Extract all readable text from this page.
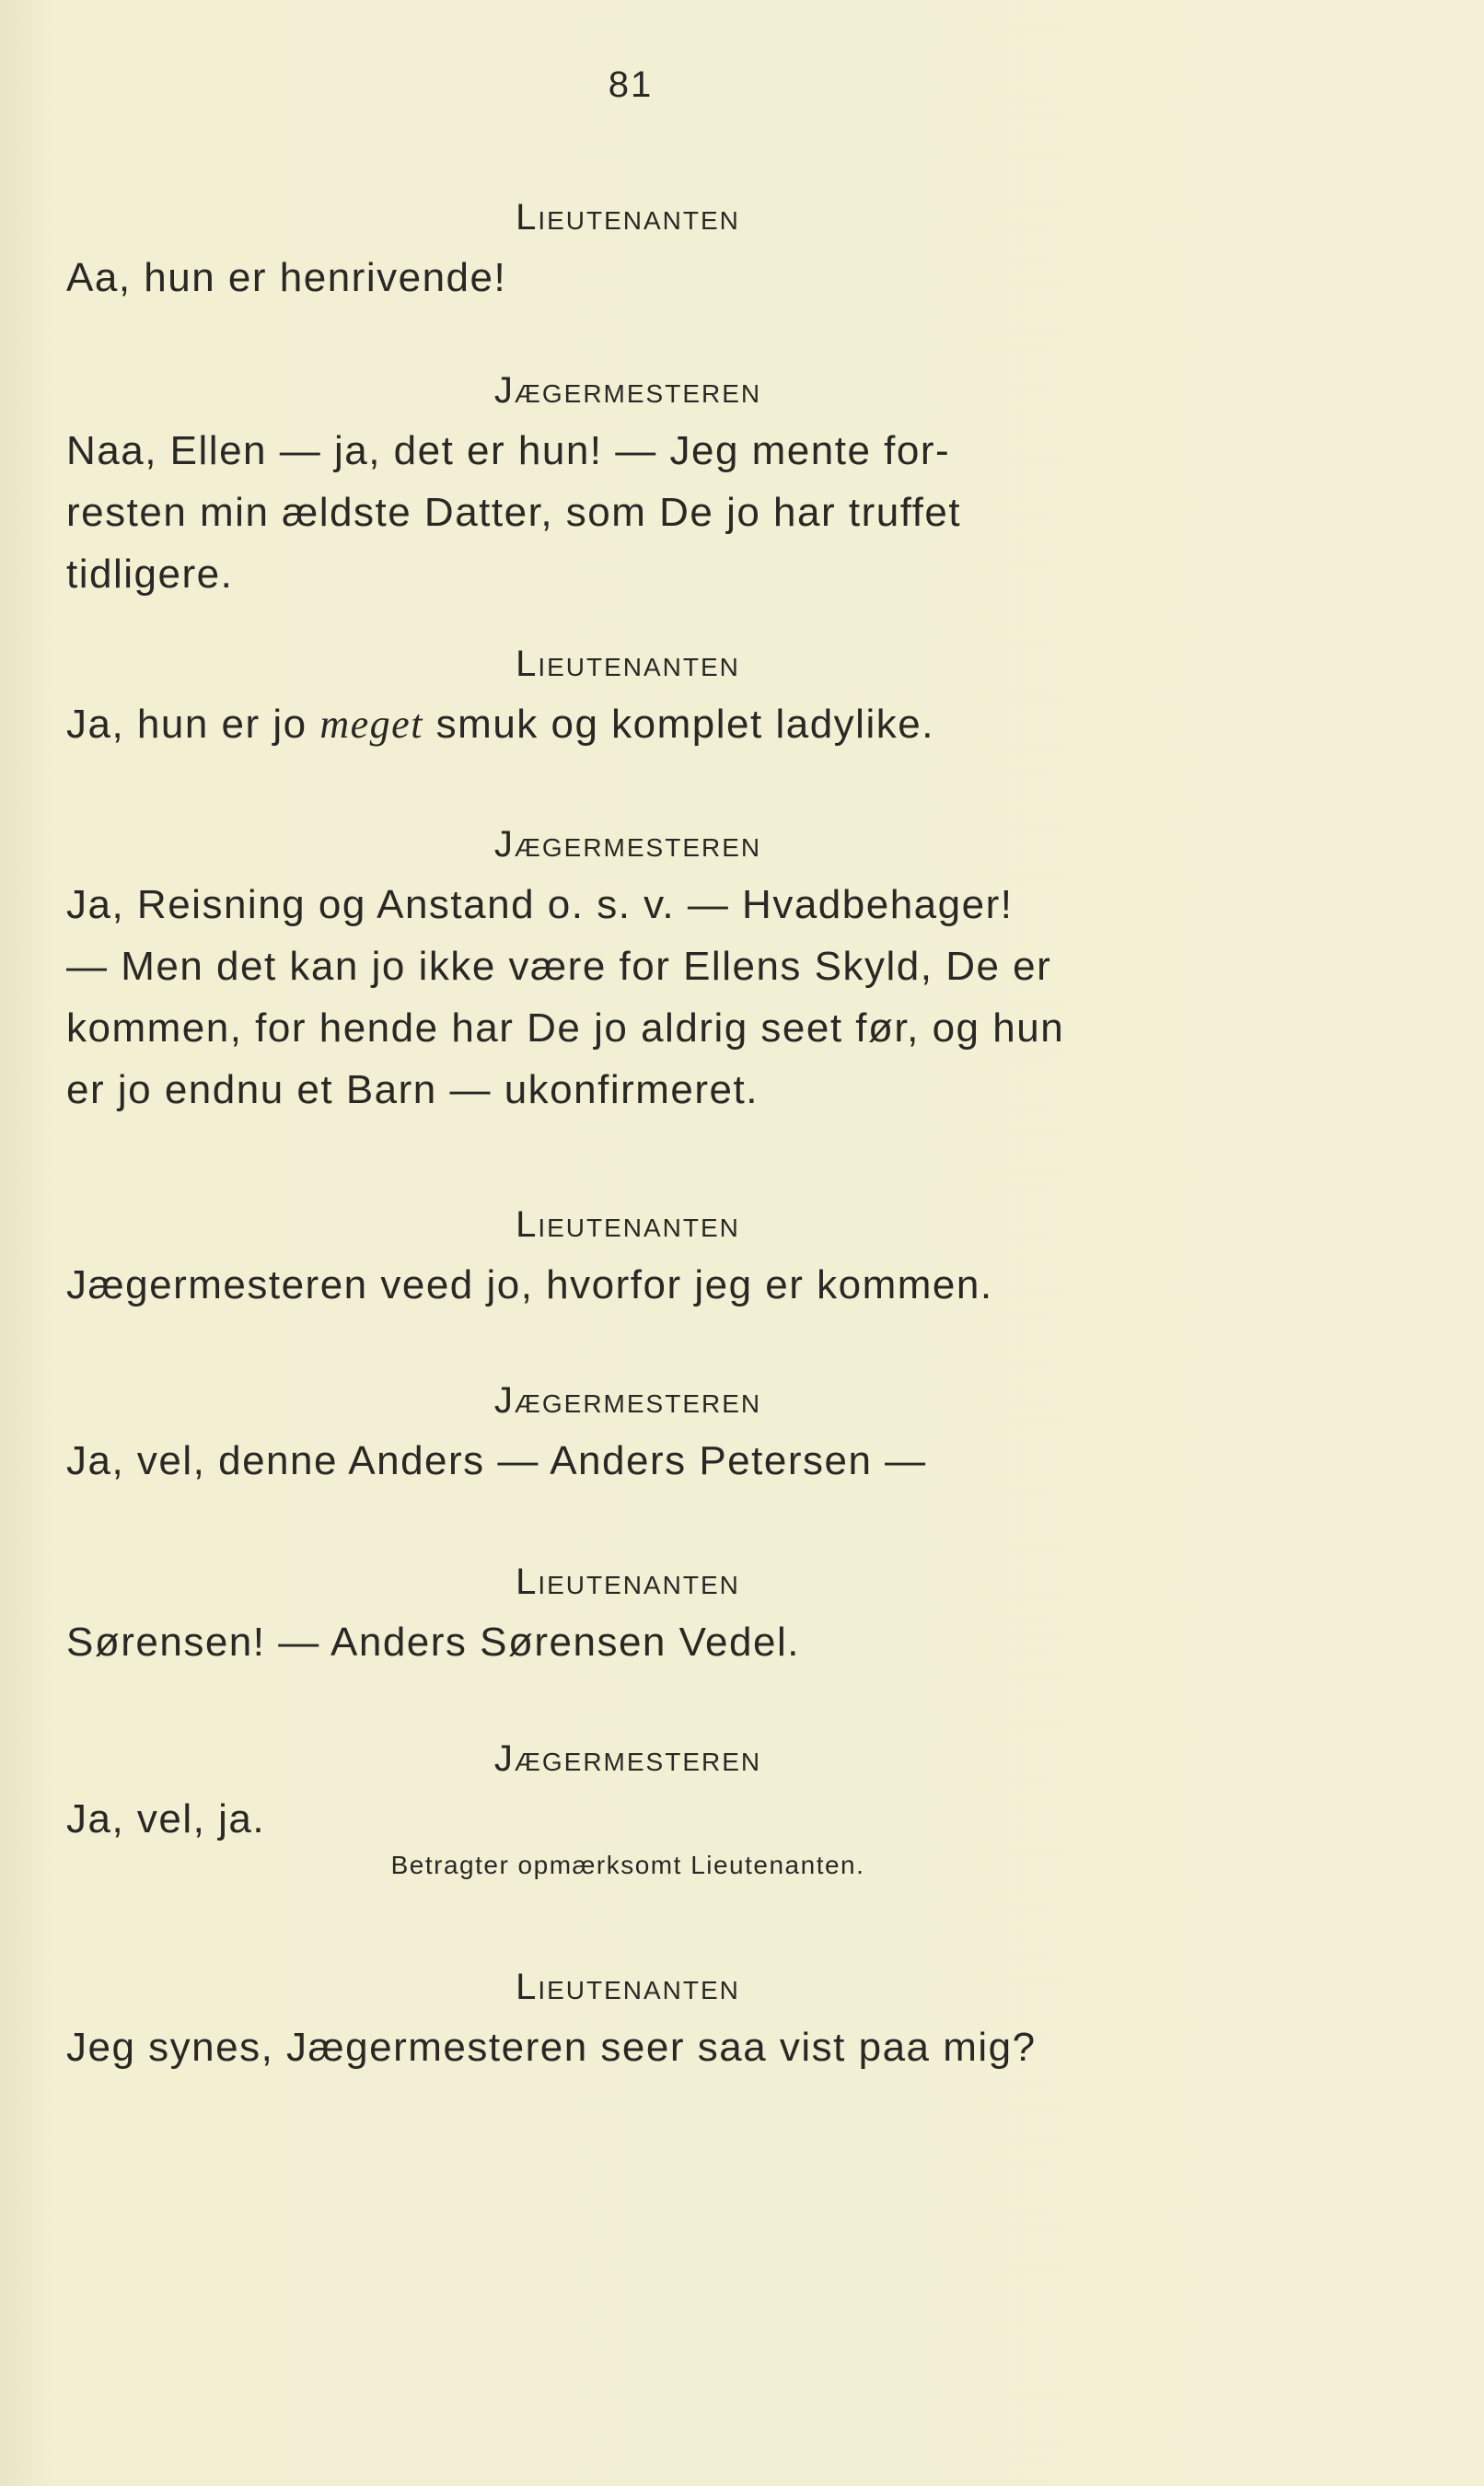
81
Lieutenanten
Aa, hun er henrivende!
Jægermesteren
Naa, Ellen — ja, det er hun! — Jeg mente for-
resten min ældste Datter, som De jo har truffet
tidligere.
Lieutenanten
Ja, hun er jo meget smuk og komplet ladylike.
Jægermesteren
Ja, Reisning og Anstand o. s. v. — Hvadbehager!
— Men det kan jo ikke være for Ellens Skyld, De er
kommen, for hende har De jo aldrig seet før, og hun
er jo endnu et Barn — ukonfirmeret.
Lieutenanten
Jægermesteren veed jo, hvorfor jeg er kommen.
Jægermesteren
Ja, vel, denne Anders — Anders Petersen —
Lieutenanten
Sørensen! — Anders Sørensen Vedel.
Jægermesteren
Ja, vel, ja.
Betragter opmærksomt Lieutenanten.
Lieutenanten
Jeg synes, Jægermesteren seer saa vist paa mig?
